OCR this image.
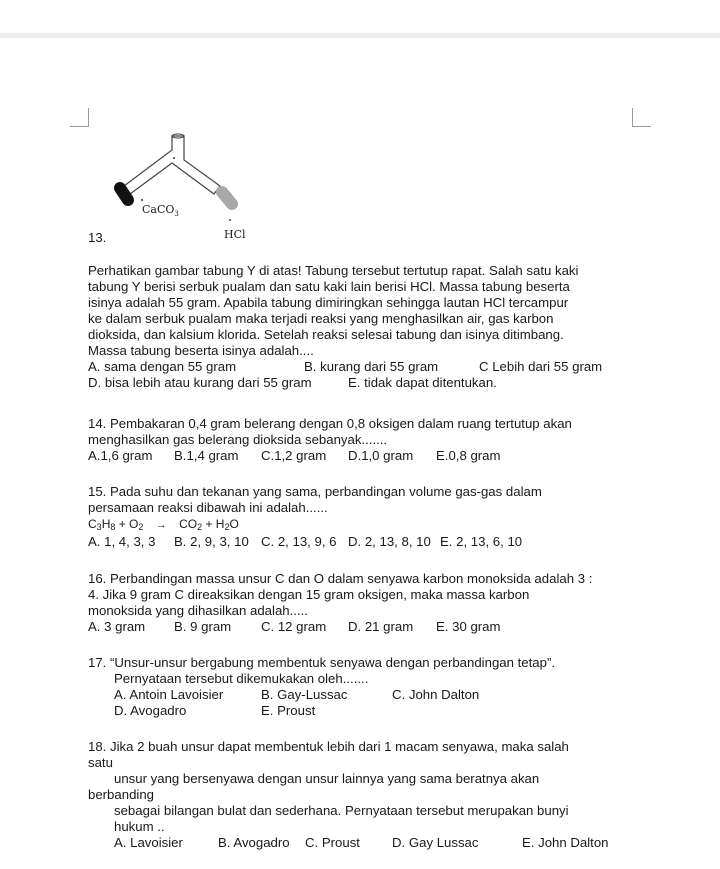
CaCO$_3$
HCl
13.
Perhatikan gambar tabung Y di atas! Tabung tersebut tertutup rapat. Salah satu kaki
tabung Y berisi serbuk pualam dan satu kaki lain berisi HCl. Massa tabung beserta
isinya adalah 55 gram. Apabila tabung dimiringkan sehingga lautan HCl tercampur
ke dalam serbuk pualam maka terjadi reaksi yang menghasilkan air, gas karbon
dioksida, dan kalsium klorida. Setelah reaksi selesai tabung dan isinya ditimbang.
Massa tabung beserta isinya adalah....
A. sama dengan 55 gram	B. kurang dari 55 gram	C Lebih dari 55 gram
D. bisa lebih atau kurang dari 55 gram	E. tidak dapat ditentukan.
14. Pembakaran 0,4 gram belerang dengan 0,8 oksigen dalam ruang tertutup akan
menghasilkan gas belerang dioksida sebanyak.......
A.1,6 gram B.1,4 gram C.1,2 gram D.1,0 gram E.0,8 gram
15. Pada suhu dan tekanan yang sama, perbandingan volume gas-gas dalam
persamaan reaksi dibawah ini adalah......
$C_3H_8 + O_2 \to CO_2 + H_2O$
A. 1, 4, 3, 3 B. 2, 9, 3, 10 C. 2, 13, 9, 6 D. 2, 13, 8, 10 E. 2, 13, 6, 10
16. Perbandingan massa unsur C dan O dalam senyawa karbon monoksida adalah 3 :
4. Jika 9 gram C direaksikan dengan 15 gram oksigen, maka massa karbon
monoksida yang dihasilkan adalah.....
A. 3 gram B. 9 gram C. 12 gram D. 21 gram E. 30 gram
17. “Unsur-unsur bergabung membentuk senyawa dengan perbandingan tetap”.
Pernyataan tersebut dikemukakan oleh.......
A. Antoin Lavoisier	B. Gay-Lussac	C. John Dalton
D. Avogadro	E. Proust
18. Jika 2 buah unsur dapat membentuk lebih dari 1 macam senyawa, maka salah
satu
unsur yang bersenyawa dengan unsur lainnya yang sama beratnya akan
berbanding
sebagai bilangan bulat dan sederhana. Pernyataan tersebut merupakan bunyi
hukum ..
A. Lavoisier	B. Avogadro C. Proust D. Gay Lussac	E. John Dalton
